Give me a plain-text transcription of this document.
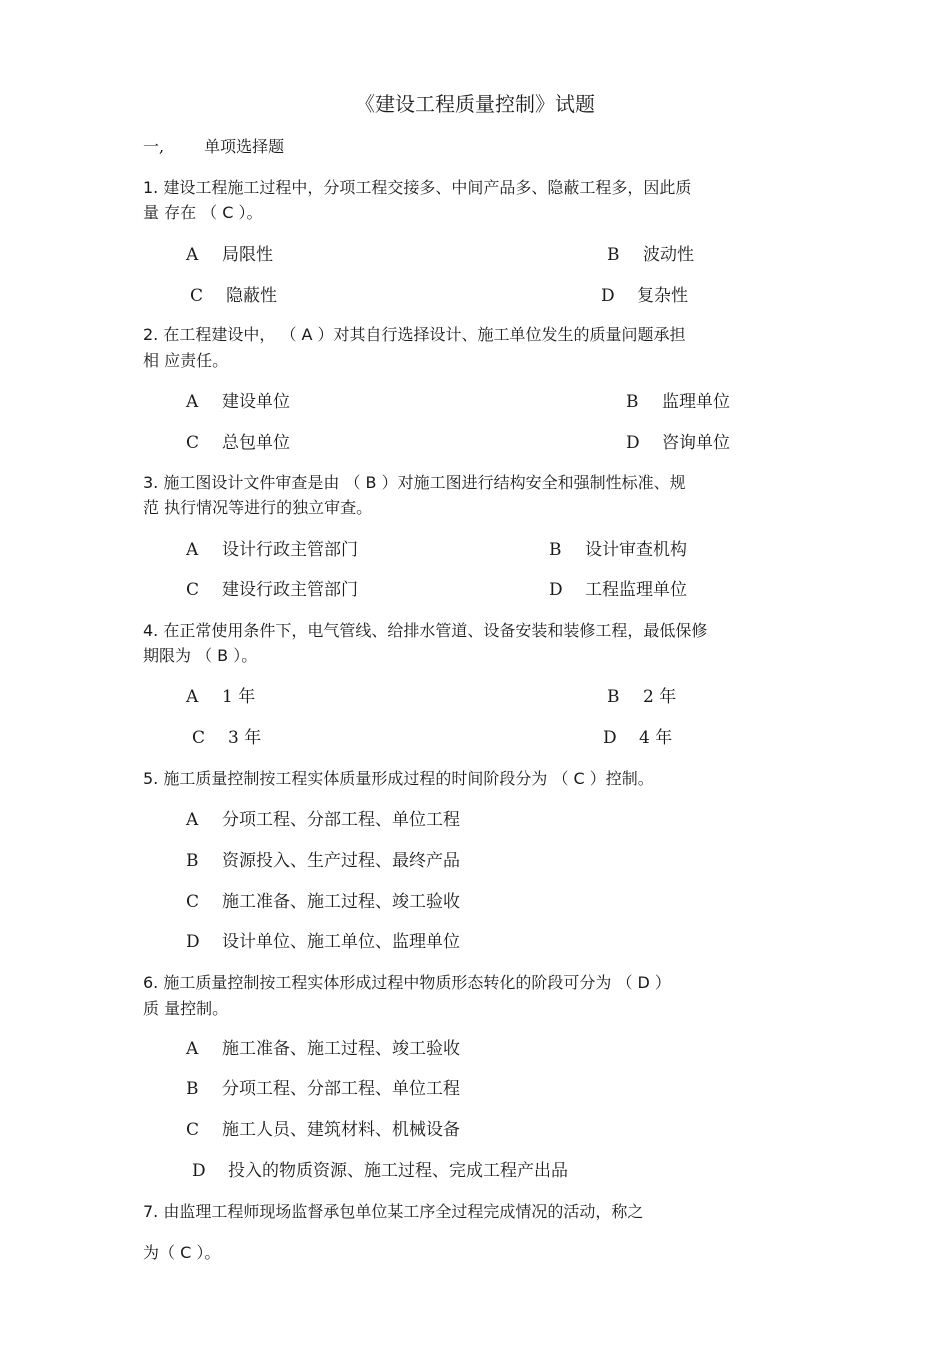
《建设工程质量控制》试题
一,	单项选择题
1. 建设工程施工过程中，分项工程交接多、中间产品多、隐蔽工程多，因此质
量 存在 （ C ）。
A 局限性	B 波动性
C 隐蔽性	D 复杂性
2. 在工程建设中， （ A ）对其自行选择设计、施工单位发生的质量问题承担
相 应责任。
A 建设单位	B 监理单位
C 总包单位	D 咨询单位
3. 施工图设计文件审查是由 （ B ）对施工图进行结构安全和强制性标准、规
范 执行情况等进行的独立审查。
A 设计行政主管部门	B 设计审查机构
C 建设行政主管部门	D 工程监理单位
4. 在正常使用条件下，电气管线、给排水管道、设备安装和装修工程，最低保修
期限为 （ B ）。
A 1 年	B 2 年
C 3 年	D 4 年
5. 施工质量控制按工程实体质量形成过程的时间阶段分为 （ C ）控制。
A 分项工程、分部工程、单位工程
B 资源投入、生产过程、最终产品
C 施工准备、施工过程、竣工验收
D 设计单位、施工单位、监理单位
6. 施工质量控制按工程实体形成过程中物质形态转化的阶段可分为 （ D ）
质 量控制。
A 施工准备、施工过程、竣工验收
B 分项工程、分部工程、单位工程
C 施工人员、建筑材料、机械设备
D 投入的物质资源、施工过程、完成工程产出品
7. 由监理工程师现场监督承包单位某工序全过程完成情况的活动，称之
为（ C ）。
